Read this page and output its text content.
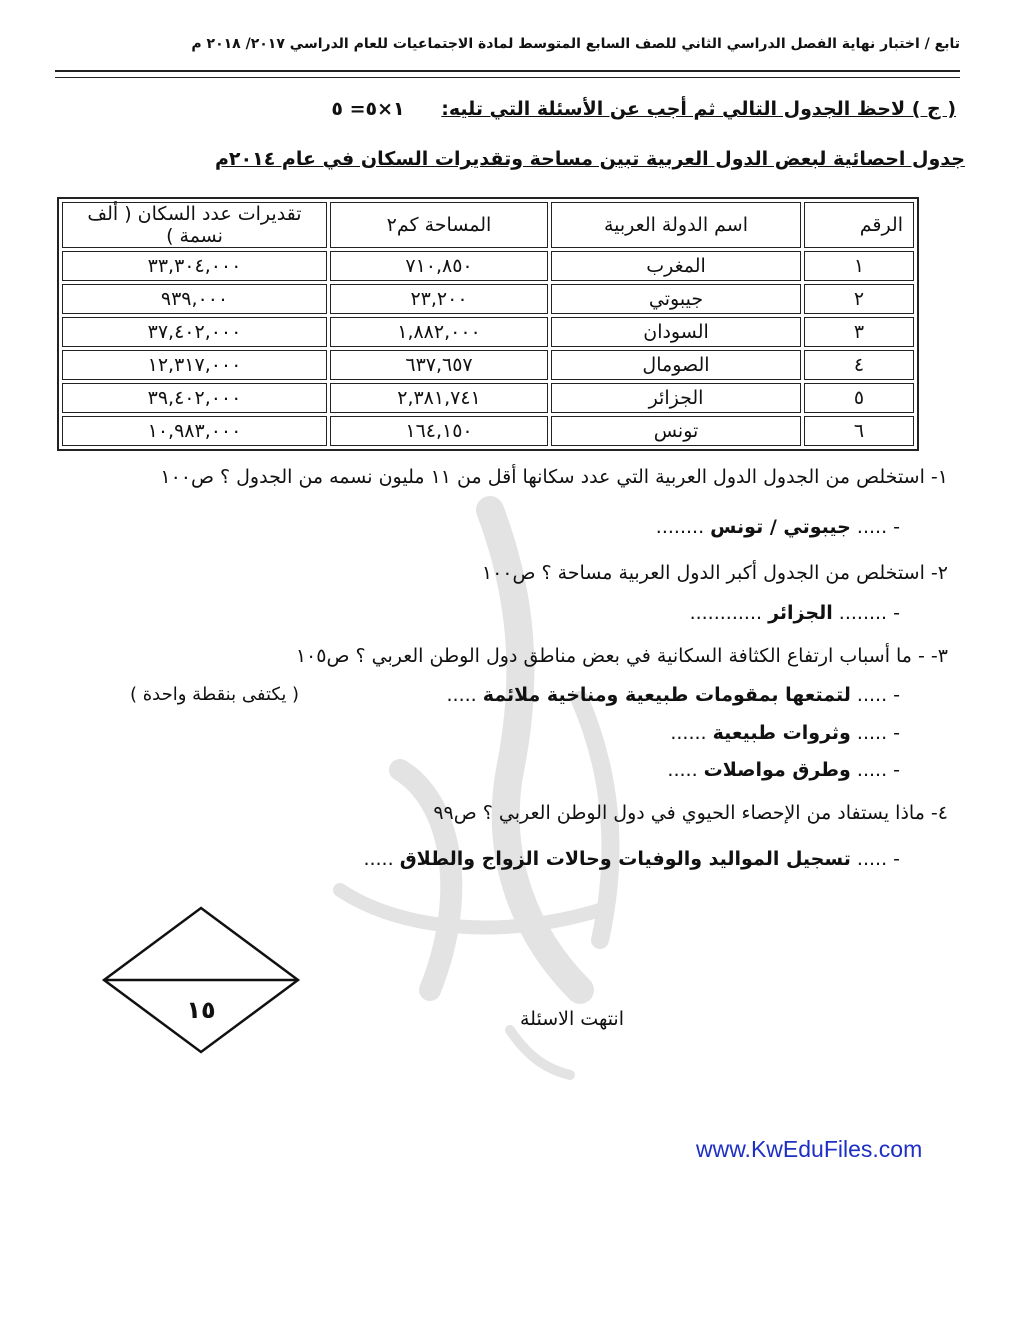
تابع / اختبار نهاية الفصل الدراسي الثاني للصف السابع المتوسط لمادة الاجتماعيات للعام الدراسي ٢٠١٧/ ٢٠١٨ م
( ج ) لاحظ الجدول التالي ثم أجب عن الأسئلة التي تليه: ١×٥= ٥
جدول احصائية لبعض الدول العربية تبين مساحة وتقديرات السكان في عام ٢٠١٤م
الرقم	اسم الدولة العربية	المساحة كم٢	تقديرات عدد السكان ( ألف نسمة )
١	المغرب	٧١٠,٨٥٠	٣٣,٣٠٤,٠٠٠
٢	جيبوتي	٢٣,٢٠٠	٩٣٩,٠٠٠
٣	السودان	١,٨٨٢,٠٠٠	٣٧,٤٠٢,٠٠٠
٤	الصومال	٦٣٧,٦٥٧	١٢,٣١٧,٠٠٠
٥	الجزائر	٢,٣٨١,٧٤١	٣٩,٤٠٢,٠٠٠
٦	تونس	١٦٤,١٥٠	١٠,٩٨٣,٠٠٠
١- استخلص من الجدول الدول العربية التي عدد سكانها أقل من ١١ مليون نسمه من الجدول ؟ ص١٠٠
- ..... جيبوتي / تونس ........
٢- استخلص من الجدول أكبر الدول العربية مساحة ؟ ص١٠٠
- ........ الجزائر ............
٣- - ما أسباب ارتفاع الكثافة السكانية في بعض مناطق دول الوطن العربي ؟ ص١٠٥
( يكتفى بنقطة واحدة )	- ..... لتمتعها بمقومات طبيعية ومناخية ملائمة .....
- ..... وثروات طبيعية ......
- ..... وطرق مواصلات .....
٤- ماذا يستفاد من الإحصاء الحيوي في دول الوطن العربي ؟ ص٩٩
- ..... تسجيل المواليد والوفيات وحالات الزواج والطلاق .....
١٥	انتهت الاسئلة
www.KwEduFiles.com
